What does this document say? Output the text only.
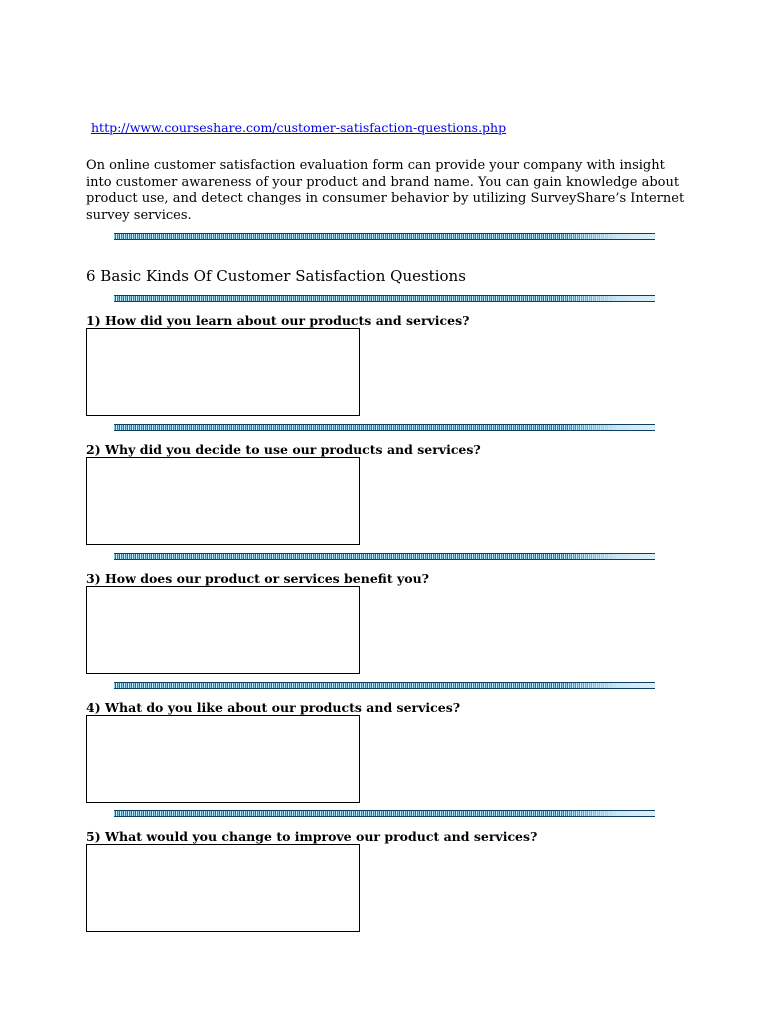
http://www.courseshare.com/customer-satisfaction-questions.php

On online customer satisfaction evaluation form can provide your company with insight into customer awareness of your product and brand name. You can gain knowledge about product use, and detect changes in consumer behavior by utilizing SurveyShare’s Internet survey services.

6 Basic Kinds Of Customer Satisfaction Questions

1) How did you learn about our products and services?

2) Why did you decide to use our products and services?

3) How does our product or services benefit you?

4) What do you like about our products and services?

5) What would you change to improve our product and services?
